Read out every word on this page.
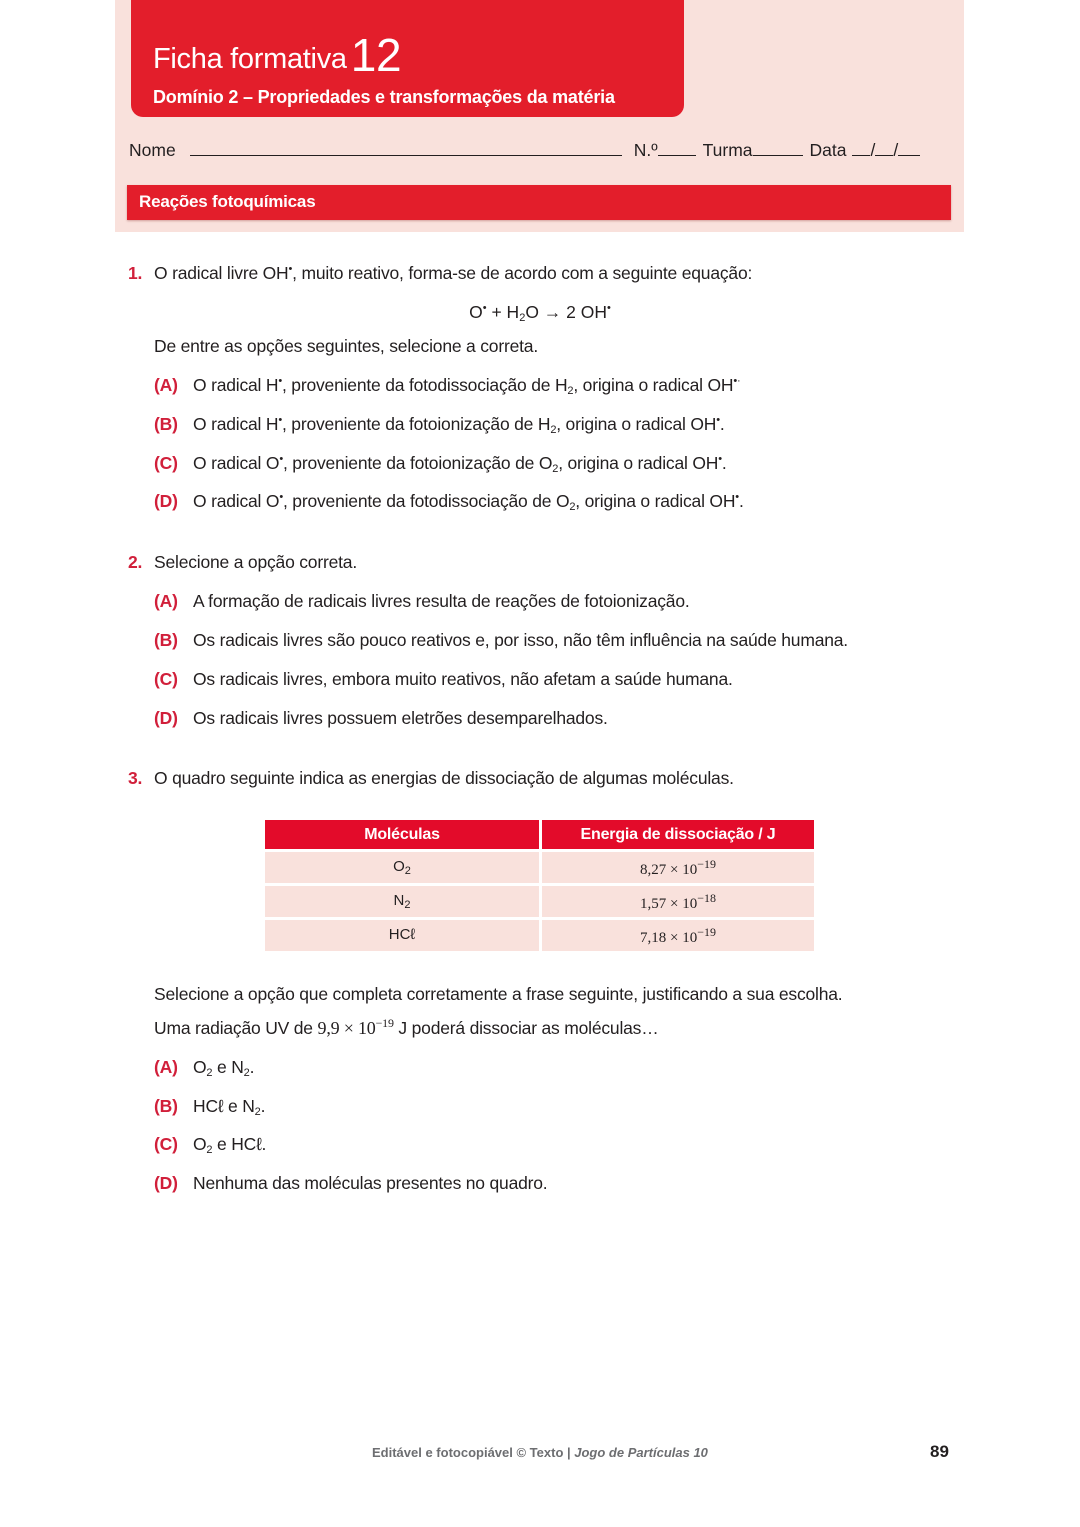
Ficha formativa12
Domínio 2 – Propriedades e transformações da matéria
Nome	N.º	Turma	Data / /
Reações fotoquímicas
1. O radical livre OH•, muito reativo, forma-se de acordo com a seguinte equação:
$O^• + H_2O \to 2$ OH•
De entre as opções seguintes, selecione a correta.
(A) O radical H•, proveniente da fotodissociação de $H_2$, origina o radical OH•·
(B) O radical H•, proveniente da fotoionização de $H_2$, origina o radical OH•.
(C) O radical O•, proveniente da fotoionização de $O_2$, origina o radical OH•.
(D) O radical O•, proveniente da fotodissociação de $O_2$, origina o radical OH•.
2. Selecione a opção correta.
(A) A formação de radicais livres resulta de reações de fotoionização.
(B) Os radicais livres são pouco reativos e, por isso, não têm influência na saúde humana.
(C) Os radicais livres, embora muito reativos, não afetam a saúde humana.
(D) Os radicais livres possuem eletrões desemparelhados.
3. O quadro seguinte indica as energias de dissociação de algumas moléculas.
Moléculas	Energia de dissociação / J
$O_2$	$8,27 \times 10^{-19}$
$N_2$	$1,57 \times 10^{-18}$
HCℓ	$7,18 \times 10^{-19}$
Selecione a opção que completa corretamente a frase seguinte, justificando a sua escolha.
Uma radiação UV de $9,9 \times 10^{-19}$ J poderá dissociar as moléculas…
(A) $O_2$ e $N_2$.
(B) HCℓ e $N_2$.
(C) $O_2$ e HCℓ.
(D) Nenhuma das moléculas presentes no quadro.
Editável e fotocopiável © Texto | Jogo de Partículas 10	89
